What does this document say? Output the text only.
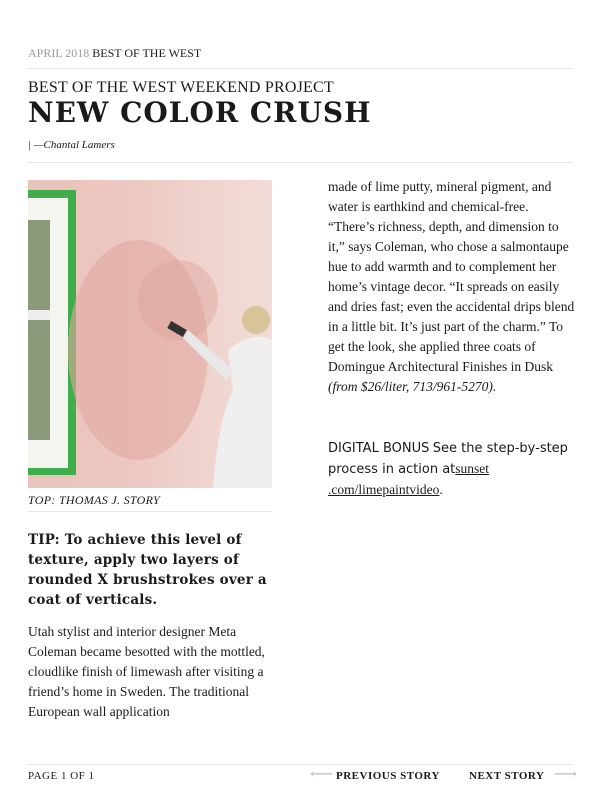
APRIL 2018 BEST OF THE WEST
BEST OF THE WEST WEEKEND PROJECT
NEW COLOR CRUSH
| —Chantal Lamers
TOP: THOMAS J. STORY
TIP: To achieve this level of texture, apply two layers of rounded X brushstrokes over a coat of verticals.
Utah stylist and interior designer Meta Coleman became besotted with the mottled, cloudlike finish of limewash after visiting a friend’s home in Sweden. The traditional European wall application
made of lime putty, mineral pigment, and water is earthkind and chemical-free. “There’s richness, depth, and dimension to it,” says Coleman, who chose a salmontaupe hue to add warmth and to complement her home’s vintage decor. “It spreads on easily and dries fast; even the accidental drips blend in a little bit. It’s just part of the charm.” To get the look, she applied three coats of Domingue Architectural Finishes in Dusk (from $26/liter, 713/961-5270).
DIGITAL BONUS See the step-by-step process in action atsunset .com/limepaintvideo.
PAGE 1 OF 1	⟵ PREVIOUS STORY	NEXT STORY ⟶
